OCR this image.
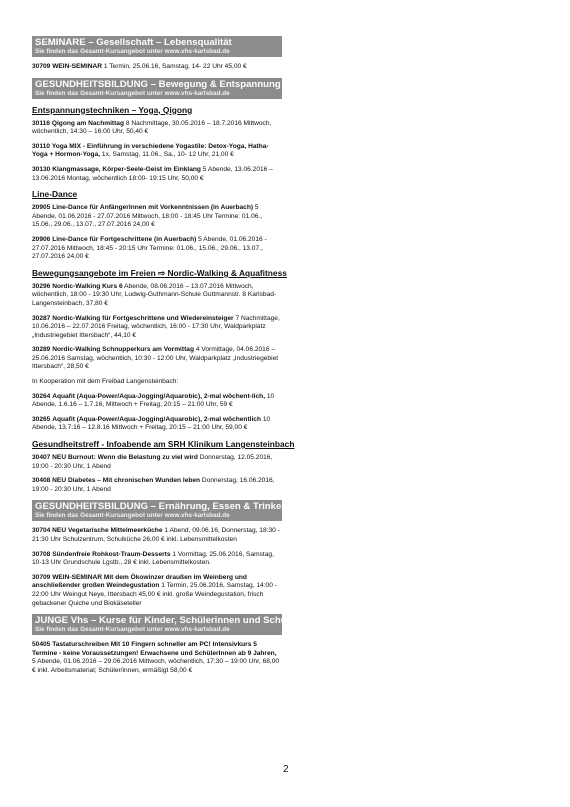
SEMINARE – Gesellschaft – Lebensqualität
Sie finden das Gesamt-Kursangebot unter www.vhs-karlsbad.de
30709 WEIN-SEMINAR 1 Termin, 25.06.16, Samstag, 14- 22 Uhr 45,00 €
GESUNDHEITSBILDUNG – Bewegung & Entspannung
Sie finden das Gesamt-Kursangebot unter www.vhs-karlsbad.de
Entspannungstechniken – Yoga, Qigong
30116 Qigong am Nachmittag 8 Nachmittage, 30.05.2016 – 18.7.2016 Mittwoch, wöchentlich, 14:30 – 16:00 Uhr, 50,40 €
30110 Yoga MIX - Einführung in verschiedene Yogastile: Detox-Yoga, Hatha-Yoga + Hormon-Yoga, 1x, Samstag, 11.06., Sa., 10- 12 Uhr, 21,00 €
30130 Klangmassage, Körper-Seele-Geist im Einklang 5 Abende, 13.06.2016 – 13.06.2016 Montag, wöchentlich 18:00- 19:15 Uhr, 50,00 €
Line-Dance
20905 Line-Dance für AnfängerInnen mit Vorkenntnissen (in Auerbach) 5 Abende, 01.06.2016 - 27.07.2016 Mittwoch, 18:00 - 18:45 Uhr Termine: 01.06., 15.06., 29.06., 13.07., 27.07.2016 24,00 €
20906 Line-Dance für Fortgeschrittene (in Auerbach) 5 Abende, 01.06.2016 - 27.07.2016 Mittwoch, 18:45 - 20:15 Uhr Termine: 01.06., 15.06., 29.06., 13.07., 27.07.2016 24,00 €
Bewegungsangebote im Freien ⇨ Nordic-Walking & Aquafitness
30296 Nordic-Walking Kurs 6 Abende, 08.06.2016 – 13.07.2016 Mittwoch, wöchentlich, 18:00 - 19:30 Uhr, Ludwig-Guthmann-Schule Guttmannstr. 8 Karlsbad-Langensteinbach, 37,80 €
30287 Nordic-Walking für Fortgeschrittene und Wiedereinsteiger 7 Nachmittage, 10.06.2016 – 22.07.2016 Freitag, wöchentlich, 16:00 - 17:30 Uhr, Waldparkplatz „Industriegebiet Ittersbach“, 44,10 €
30289 Nordic-Walking Schnupperkurs am Vormittag 4 Vormittage, 04.06.2016 – 25.06.2016 Samstag, wöchentlich, 10:30 - 12:00 Uhr, Waldparkplatz „Industriegebiet Ittersbach“, 28,50 €
In Kooperation mit dem Freibad Langensteinbach:
30264 Aquafit (Aqua-Power/Aqua-Jogging/Aquarobic), 2-mal wöchent-lich, 10 Abende, 1.6.16 – 1.7.16, Mittwoch + Freitag, 20:15 – 21:00 Uhr, 59 €
30265 Aquafit (Aqua-Power/Aqua-Jogging/Aquarobic), 2-mal wöchentlich 10 Abende, 13.7.16 – 12.8.16 Mittwoch + Freitag, 20:15 – 21:00 Uhr, 59,00 €
Gesundheitstreff - Infoabende am SRH Klinikum Langensteinbach
30407 NEU Burnout: Wenn die Belastung zu viel wird Donnerstag, 12.05.2016, 19:00 - 20:30 Uhr, 1 Abend
30408 NEU Diabetes – Mit chronischen Wunden leben Donnerstag, 16.06.2016, 19:00 - 20:30 Uhr, 1 Abend
GESUNDHEITSBILDUNG – Ernährung, Essen & Trinken
Sie finden das Gesamt-Kursangebot unter www.vhs-karlsbad.de
30704 NEU Vegetarische Mittelmeerküche 1 Abend, 09.06.16, Donnerstag, 18:30 - 21:30 Uhr Schulzentrum, Schulküche 26,00 € inkl. Lebensmittelkosten
30708 Sündenfreie Rohkost-Traum-Desserts 1 Vormittag, 25.06.2016, Samstag, 10-13 Uhr Grundschule Lgstb., 28 € inkl. Lebensmittelkosten.
30709 WEIN-SEMINAR Mit dem Ökowinzer draußen im Weinberg und anschließender großen Weindegustation 1 Termin, 25.06.2016, Samstag, 14:00 - 22:00 Uhr Weingut Neye, Ittersbach 45,00 € inkl. große Weindegustation, frisch gebackener Quiche und Biokäseteller
JUNGE Vhs – Kurse für Kinder, Schülerinnen und Schüler
Sie finden das Gesamt-Kursangebot unter www.vhs-karlsbad.de
50405 Tastaturschreiben Mit 10 Fingern schneller am PC! Intensivkurs 5 Termine - keine Voraussetzungen! Erwachsene und SchülerInnen ab 9 Jahren, 5 Abende, 01.06.2016 – 29.06.2016 Mittwoch, wöchentlich, 17:30 – 19:00 Uhr, 68,00 € inkl. Arbeitsmaterial; Schüler/innen, ermäßigt 58,00 €
2
